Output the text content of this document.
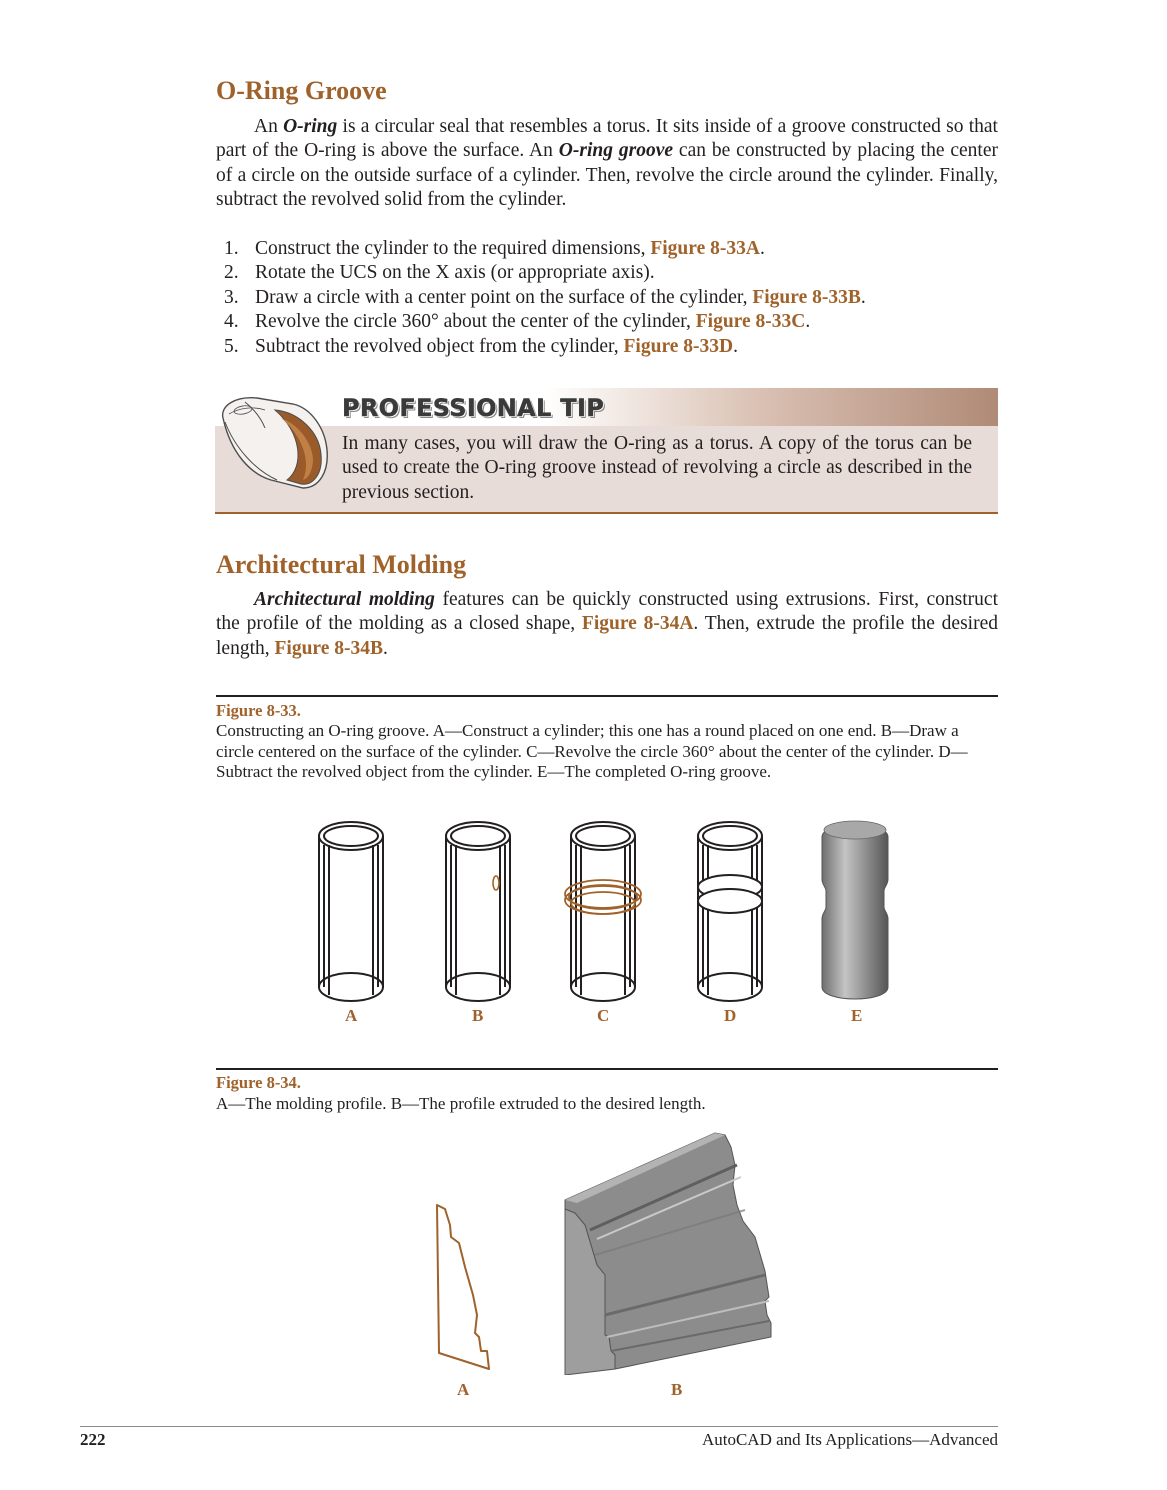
O-Ring Groove

An O-ring is a circular seal that resembles a torus. It sits inside of a groove constructed so that part of the O-ring is above the surface. An O-ring groove can be constructed by placing the center of a circle on the outside surface of a cylinder. Then, revolve the circle around the cylinder. Finally, subtract the revolved solid from the cylinder.

1. Construct the cylinder to the required dimensions, Figure 8-33A.
2. Rotate the UCS on the X axis (or appropriate axis).
3. Draw a circle with a center point on the surface of the cylinder, Figure 8-33B.
4. Revolve the circle 360° about the center of the cylinder, Figure 8-33C.
5. Subtract the revolved object from the cylinder, Figure 8-33D.
PROFESSIONAL TIP

In many cases, you will draw the O-ring as a torus. A copy of the torus can be used to create the O-ring groove instead of revolving a circle as described in the previous section.

Architectural Molding

Architectural molding features can be quickly constructed using extrusions. First, construct the profile of the molding as a closed shape, Figure 8-34A. Then, extrude the profile the desired length, Figure 8-34B.

Figure 8-33.

Constructing an O-ring groove. A—Construct a cylinder; this one has a round placed on one end. B—Draw a circle centered on the surface of the cylinder. C—Revolve the circle 360° about the center of the cylinder. D—Subtract the revolved object from the cylinder. E—The completed O-ring groove.

A	B	C	D	E

Figure 8-34.

A—The molding profile. B—The profile extruded to the desired length.

A	B
222	AutoCAD and Its Applications—Advanced
